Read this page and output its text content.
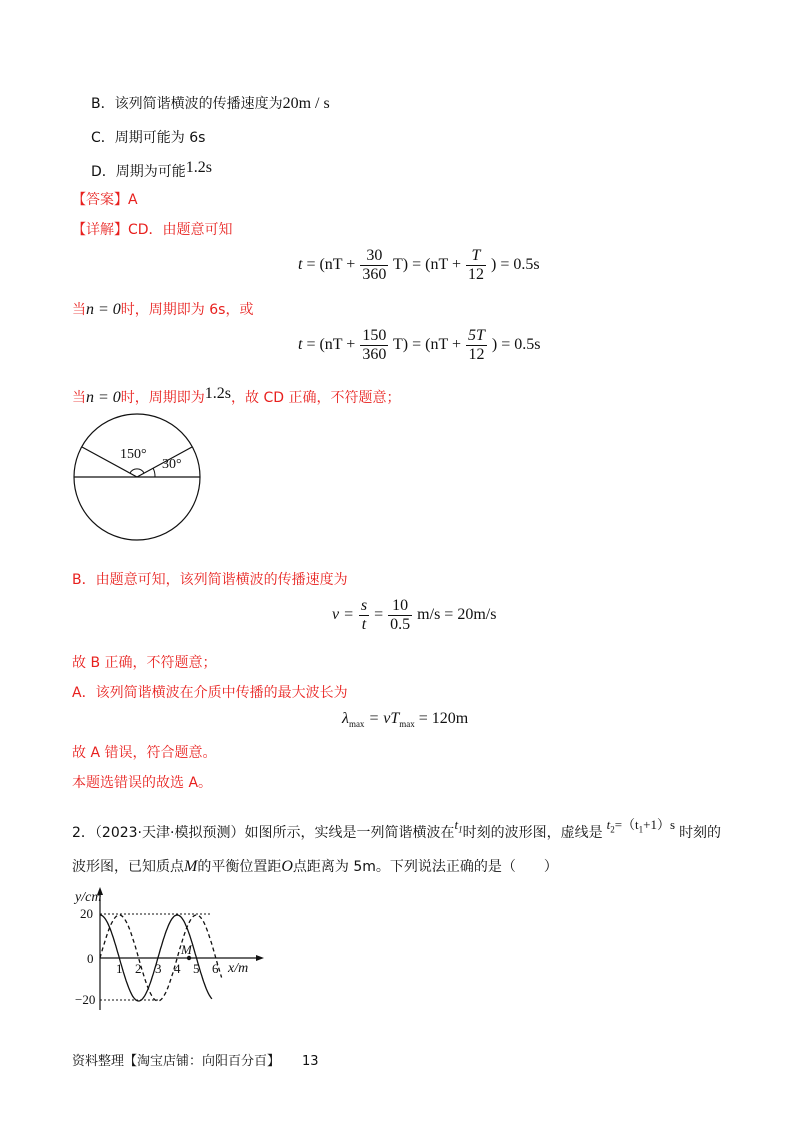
B．该列简谐横波的传播速度为20m / s
C．周期可能为 6s
D．周期为可能1.2s
【答案】A
【详解】CD．由题意可知
$t = (nT + \frac{30}{360} T) = (nT + \frac{T}{12}$ ) = 0.5s
当n = 0时，周期即为 6s，或
$t = (nT + \frac{150}{360} T) = (nT + \frac{5T}{12}$ ) = 0.5s
当n = 0时，周期即为1.2s，故 CD 正确，不符题意；
150°
30°
B．由题意可知，该列简谐横波的传播速度为
$v = \frac{s}{t} = \frac{10}{0.5} m/s = 20m/s$
故 B 正确，不符题意；
A．该列简谐横波在介质中传播的最大波长为
$\lambda_{max} = vT_{max} = 120m$
故 A 错误，符合题意。
本题选错误的故选 A。
2．（2023·天津·模拟预测）如图所示，实线是一列简谐横波在$t_1$时刻的波形图，虚线是$t_2=(t_1+1)s$时刻的
波形图，已知质点M的平衡位置距O点距离为 5m。下列说法正确的是（　　）
y/cm
x/m
20
0
−20
1 2 3 4 5 6
M
资料整理【淘宝店铺：向阳百分百】 13
